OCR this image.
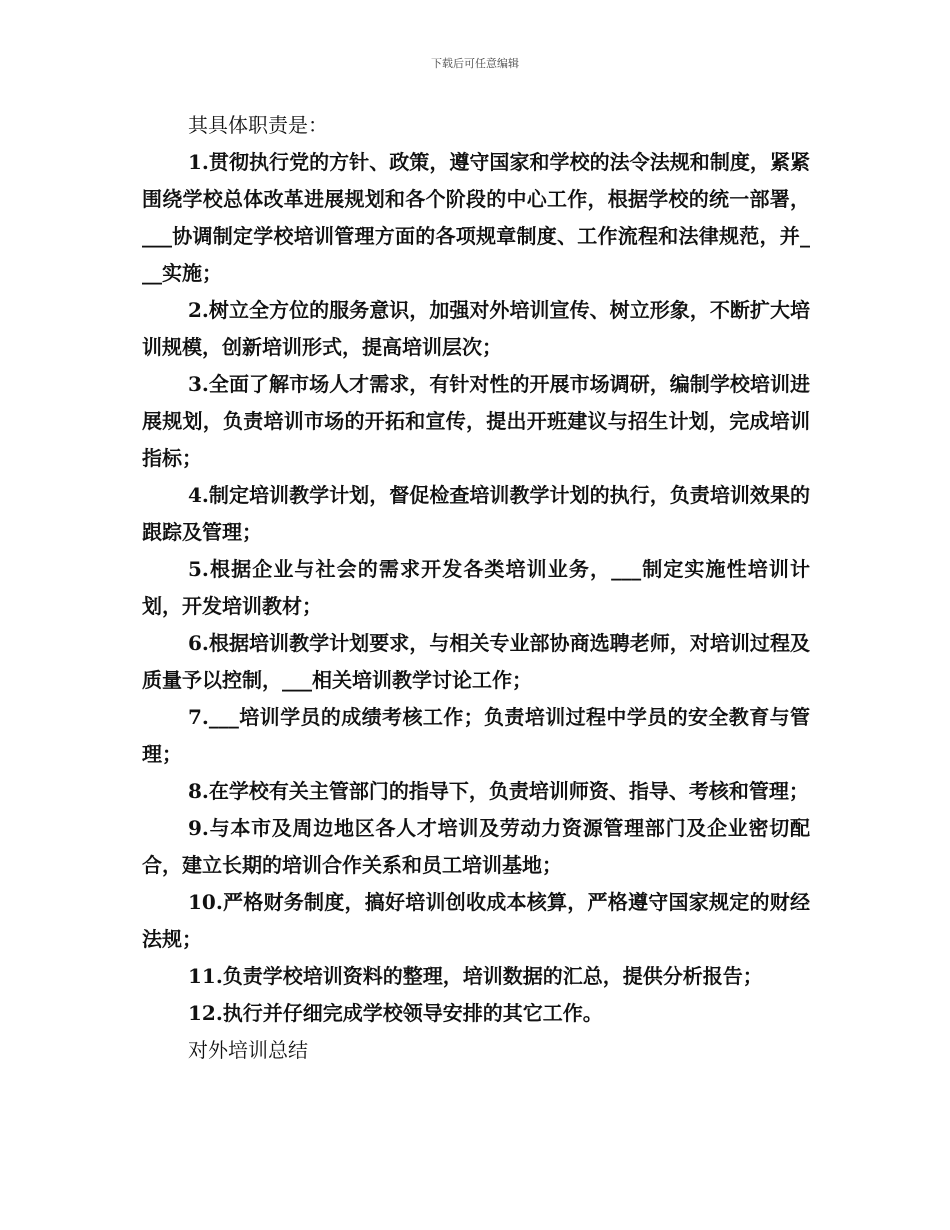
下载后可任意编辑

其具体职责是：

1.贯彻执行党的方针、政策，遵守国家和学校的法令法规和制度，紧紧围绕学校总体改革进展规划和各个阶段的中心工作，根据学校的统一部署，___协调制定学校培训管理方面的各项规章制度、工作流程和法律规范，并___实施；

2.树立全方位的服务意识，加强对外培训宣传、树立形象，不断扩大培训规模，创新培训形式，提高培训层次；

3.全面了解市场人才需求，有针对性的开展市场调研，编制学校培训进展规划，负责培训市场的开拓和宣传，提出开班建议与招生计划，完成培训指标；

4.制定培训教学计划，督促检查培训教学计划的执行，负责培训效果的跟踪及管理；

5.根据企业与社会的需求开发各类培训业务，___制定实施性培训计划，开发培训教材；

6.根据培训教学计划要求，与相关专业部协商选聘老师，对培训过程及质量予以控制，___相关培训教学讨论工作；

7.___培训学员的成绩考核工作；负责培训过程中学员的安全教育与管理；

8.在学校有关主管部门的指导下，负责培训师资、指导、考核和管理；

9.与本市及周边地区各人才培训及劳动力资源管理部门及企业密切配合，建立长期的培训合作关系和员工培训基地；

10.严格财务制度，搞好培训创收成本核算，严格遵守国家规定的财经法规；

11.负责学校培训资料的整理，培训数据的汇总，提供分析报告；

12.执行并仔细完成学校领导安排的其它工作。

对外培训总结
